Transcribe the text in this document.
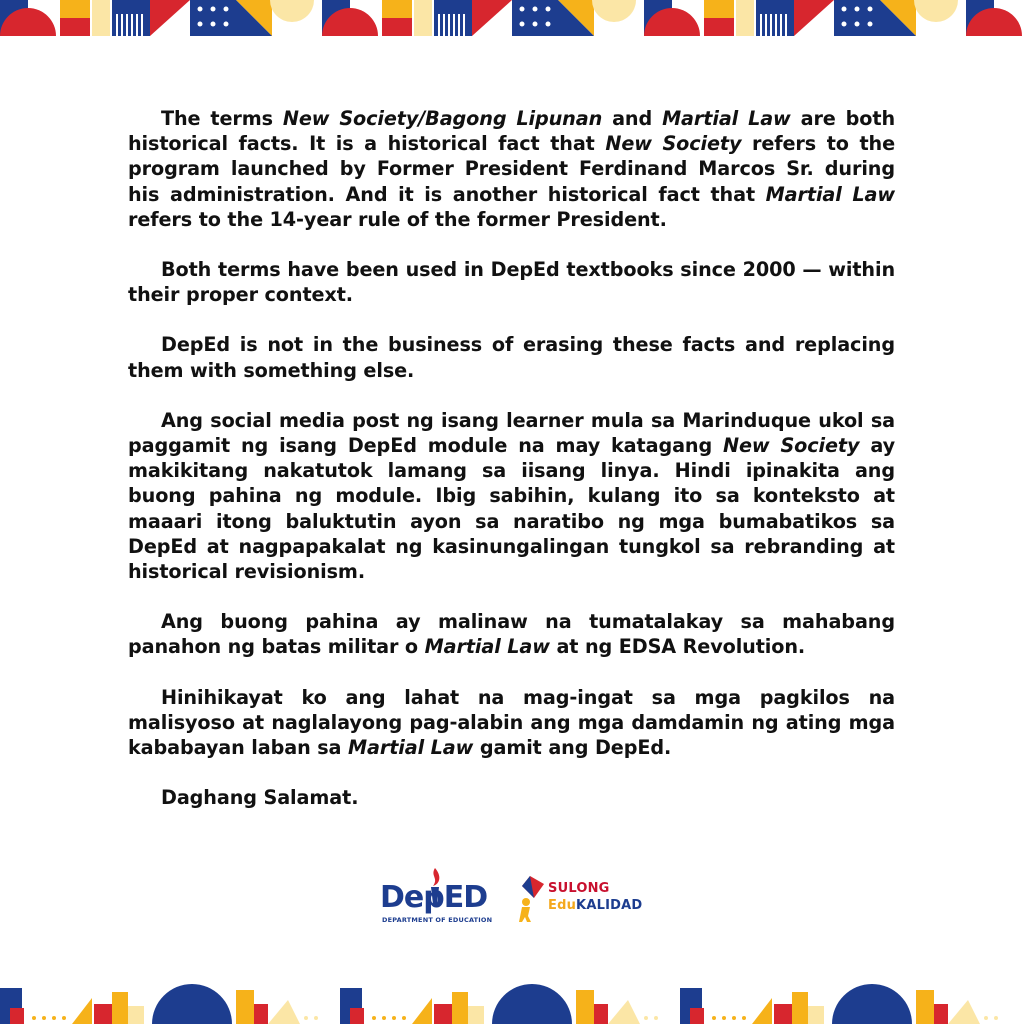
The terms New Society/Bagong Lipunan and Martial Law are both historical facts. It is a historical fact that New Society refers to the program launched by Former President Ferdinand Marcos Sr. during his administration. And it is another historical fact that Martial Law refers to the 14-year rule of the former President.

Both terms have been used in DepEd textbooks since 2000 — within their proper context.

DepEd is not in the business of erasing these facts and replacing them with something else.

Ang social media post ng isang learner mula sa Marinduque ukol sa paggamit ng isang DepEd module na may katagang New Society ay makikitang nakatutok lamang sa iisang linya. Hindi ipinakita ang buong pahina ng module. Ibig sabihin, kulang ito sa konteksto at maaari itong baluktutin ayon sa naratibo ng mga bumabatikos sa DepEd at nagpapakalat ng kasinungalingan tungkol sa rebranding at historical revisionism.

Ang buong pahina ay malinaw na tumatalakay sa mahabang panahon ng batas militar o Martial Law at ng EDSA Revolution.

Hinihikayat ko ang lahat na mag-ingat sa mga pagkilos na malisyoso at naglalayong pag-alabin ang mga damdamin ng ating mga kababayan laban sa Martial Law gamit ang DepEd.

Daghang Salamat.

DepED
DEPARTMENT OF EDUCATION
SULONG
EduKALIDAD
